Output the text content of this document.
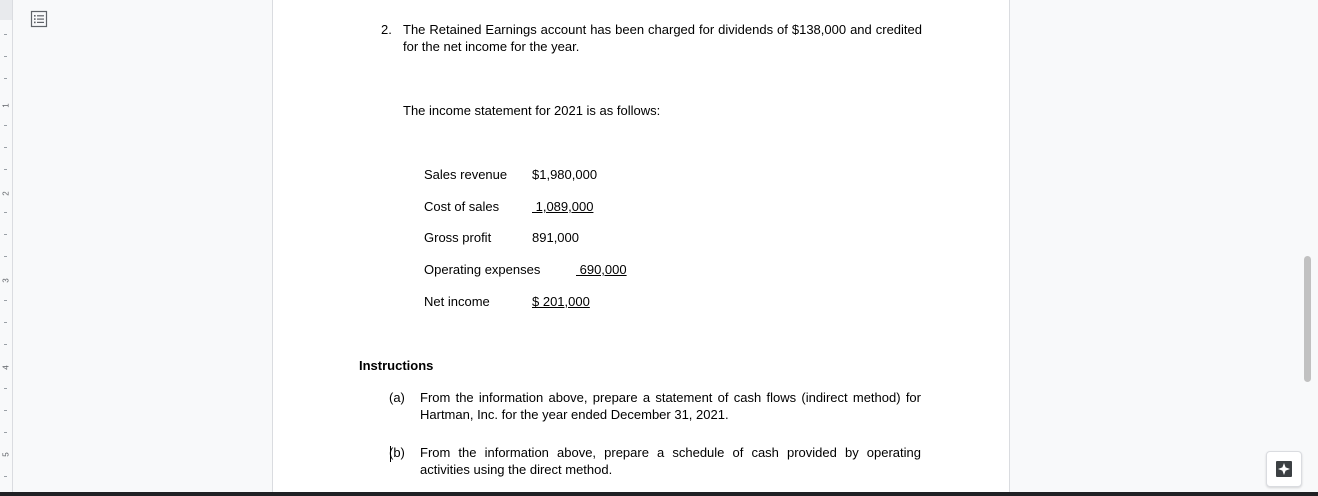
1
2
3
4
5
2. The Retained Earnings account has been charged for dividends of $138,000 and credited for the net income for the year.
The income statement for 2021 is as follows:
Sales revenue $1,980,000
Cost of sales	1,089,000
Gross profit	891,000
Operating expenses	690,000
Net income	$ 201,000
Instructions
(a) From the information above, prepare a statement of cash flows (indirect method) for Hartman, Inc. for the year ended December 31, 2021.
(b) From the information above, prepare a schedule of cash provided by operating activities using the direct method.
